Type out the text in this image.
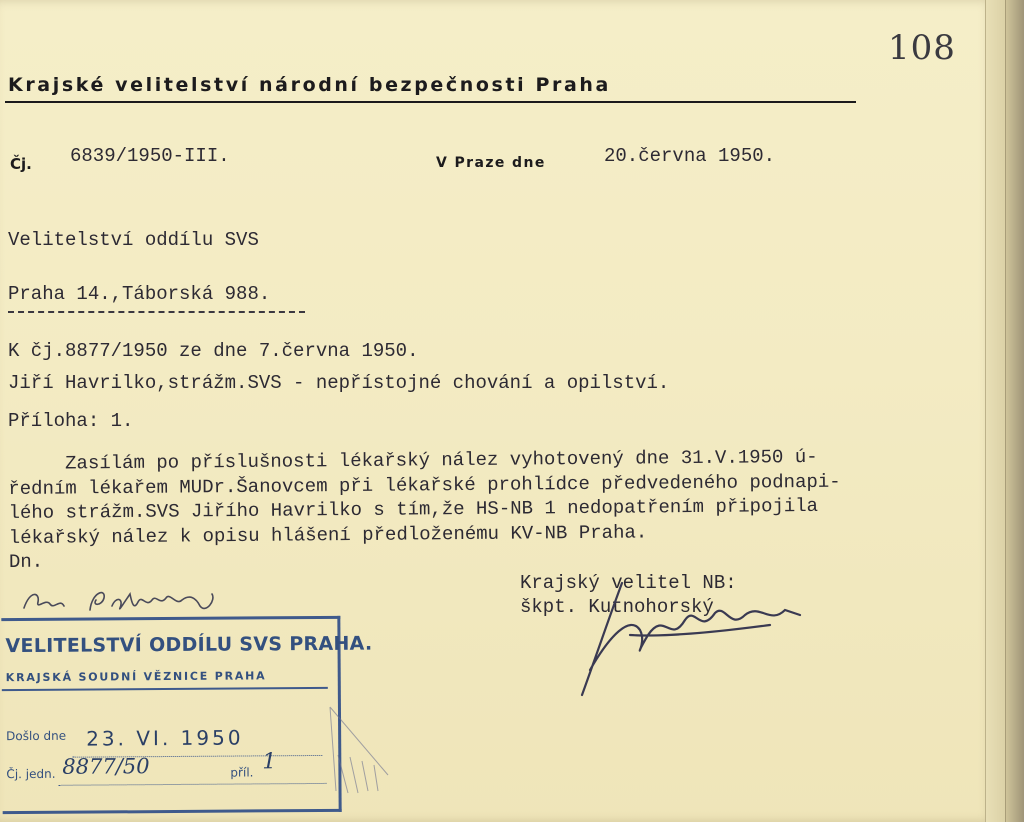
108
Krajské velitelství národní bezpečnosti Praha
Čj. 6839/1950-III.	V Praze dne	20.června 1950.
Velitelství oddílu SVS
Praha 14.,Táborská 988.
K čj.8877/1950 ze dne 7.června 1950.
Jiří Havrilko,strážm.SVS - nepřístojné chování a opilství.
Příloha: 1.

Zasílám po příslušnosti lékařský nález vyhotovený dne 31.V.1950 ú-

ředním lékařem MUDr.Šanovcem při lékařské prohlídce předvedeného podnapi-

lého strážm.SVS Jiřího Havrilko s tím,že HS-NB 1 nedopatřením připojila

lékařský nález k opisu hlášení předloženému KV-NB Praha.

Dn.

Krajský velitel NB:
škpt. Kutnohorský
VELITELSTVÍ ODDÍLU SVS PRAHA.
KRAJSKÁ SOUDNÍ VĚZNICE PRAHA
Došlo dne 23. VI. 1950
Čj. jedn. 8877/50	příl. 1
